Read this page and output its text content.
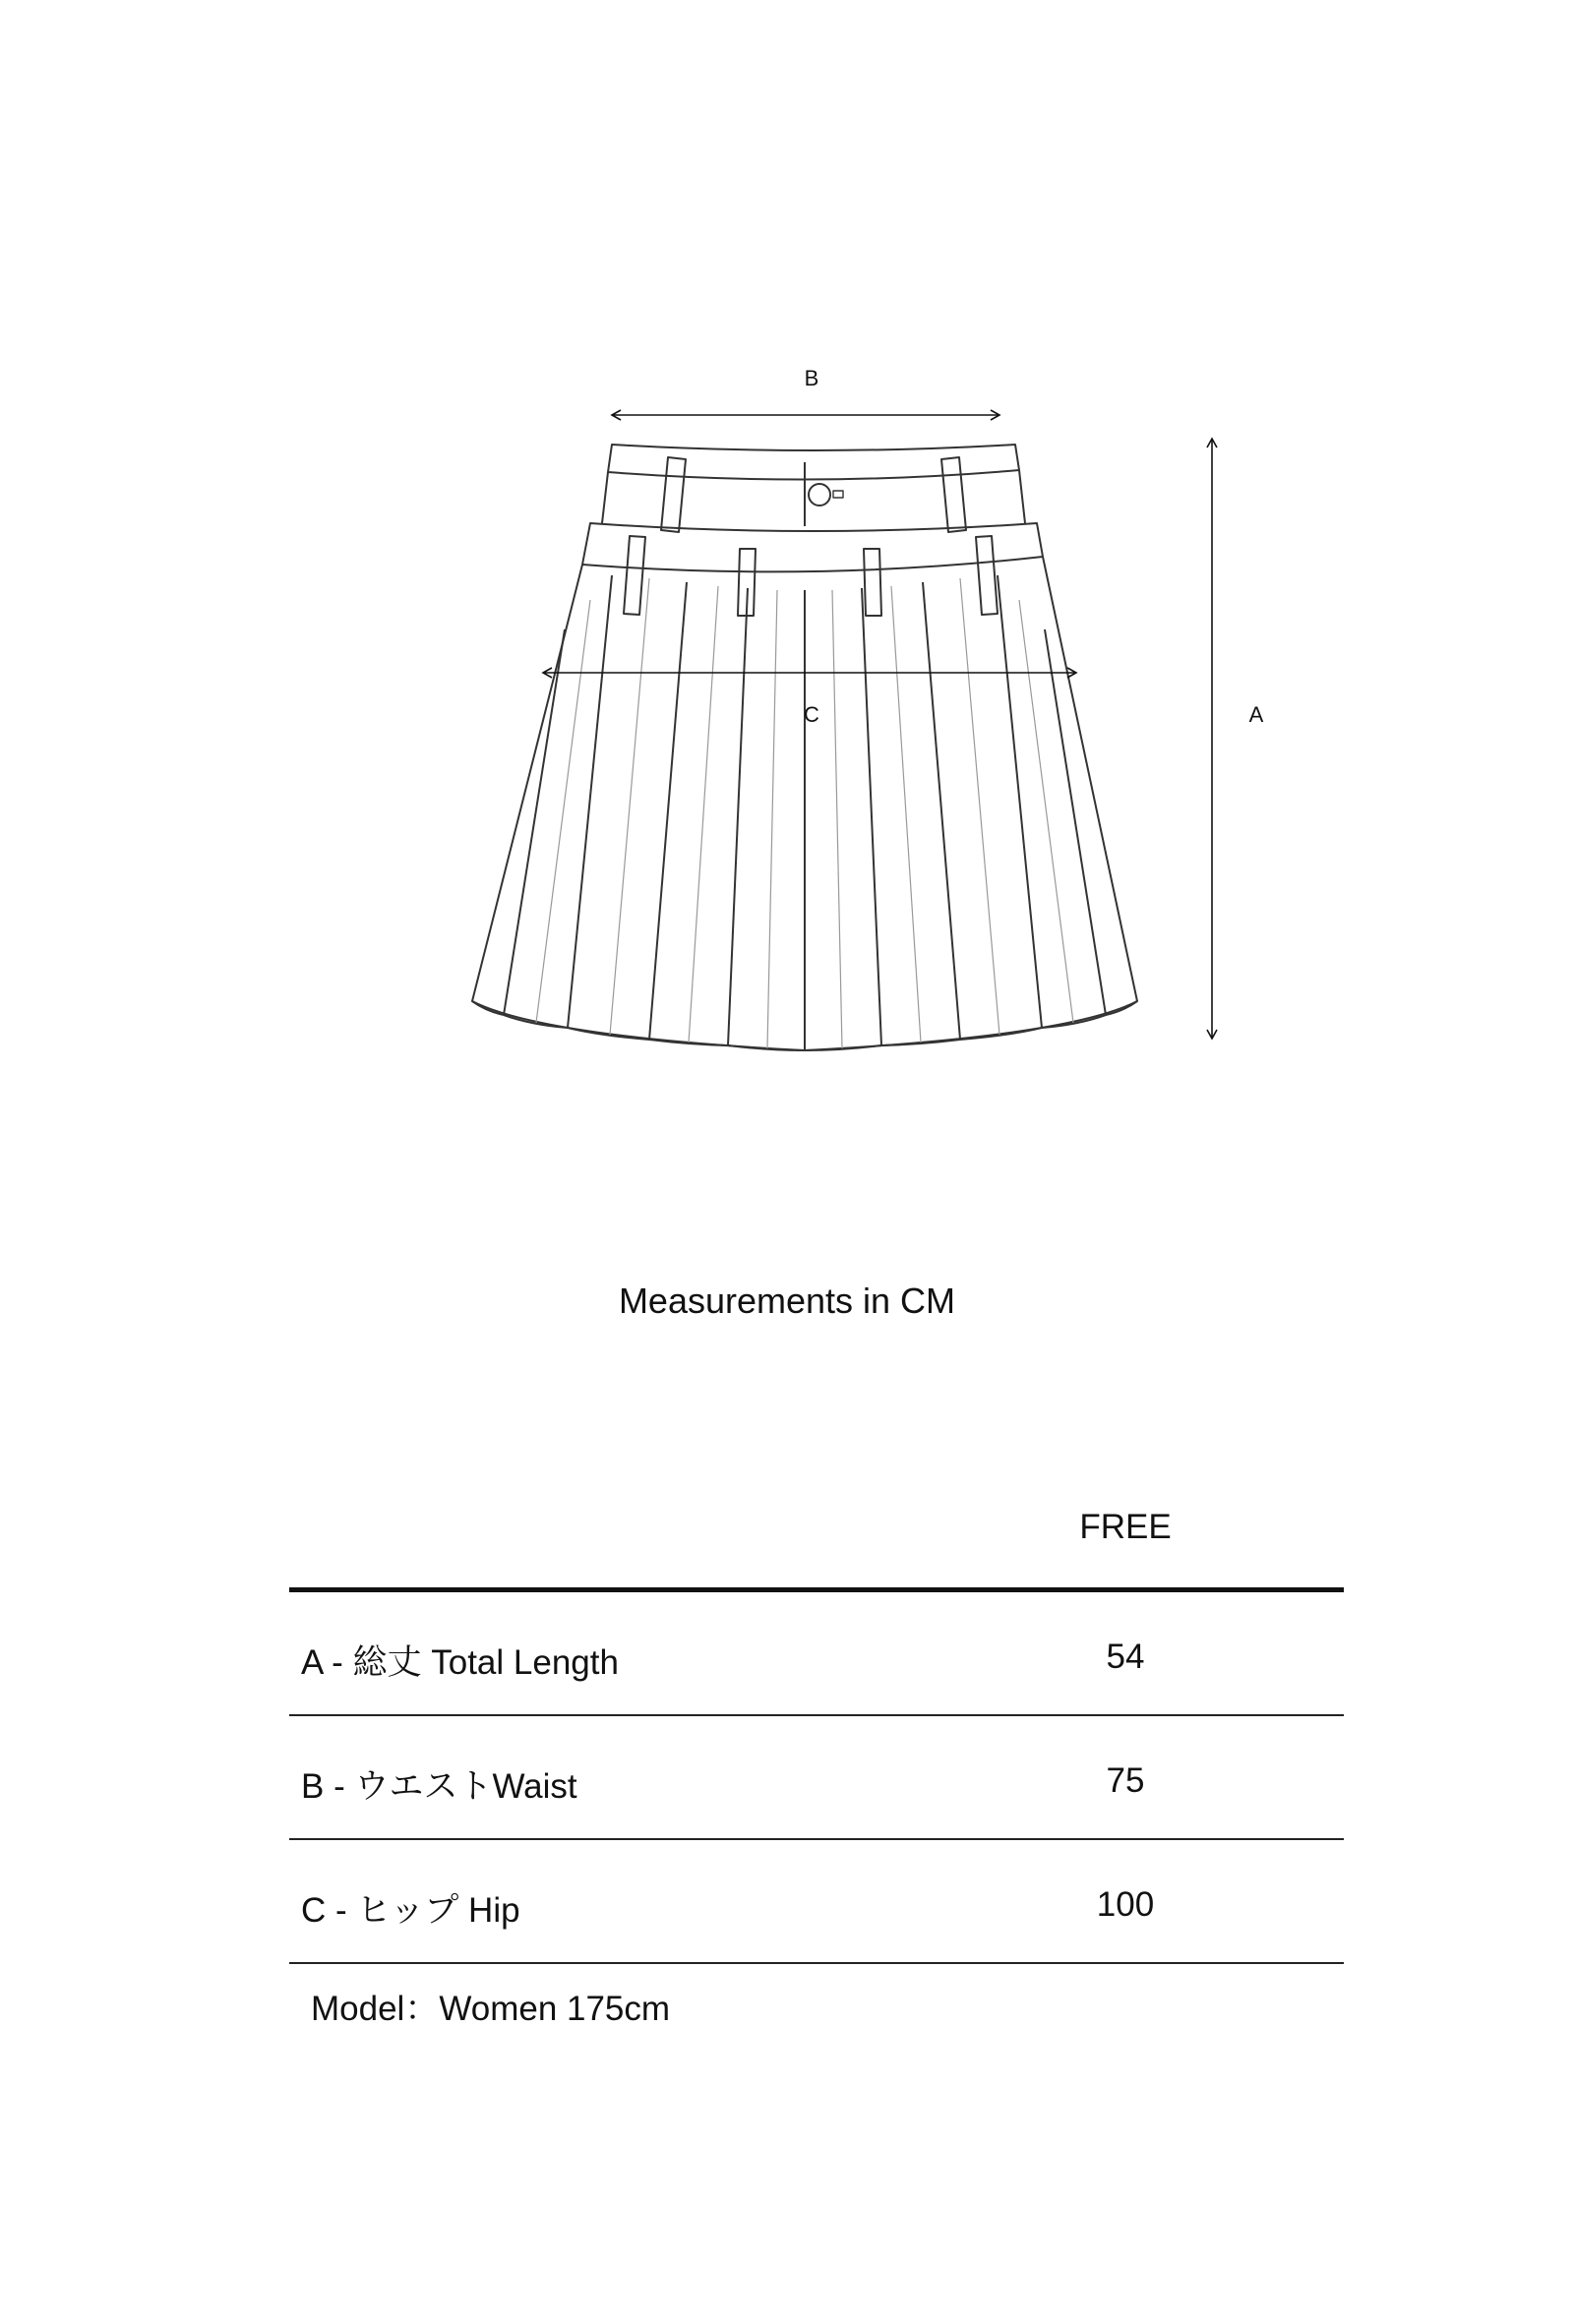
B
C	A
Measurements in CM
FREE
A - 総丈 Total Length	54
B - ウエストWaist	75
C - ヒップ Hip	100
Model：Women 175cm
